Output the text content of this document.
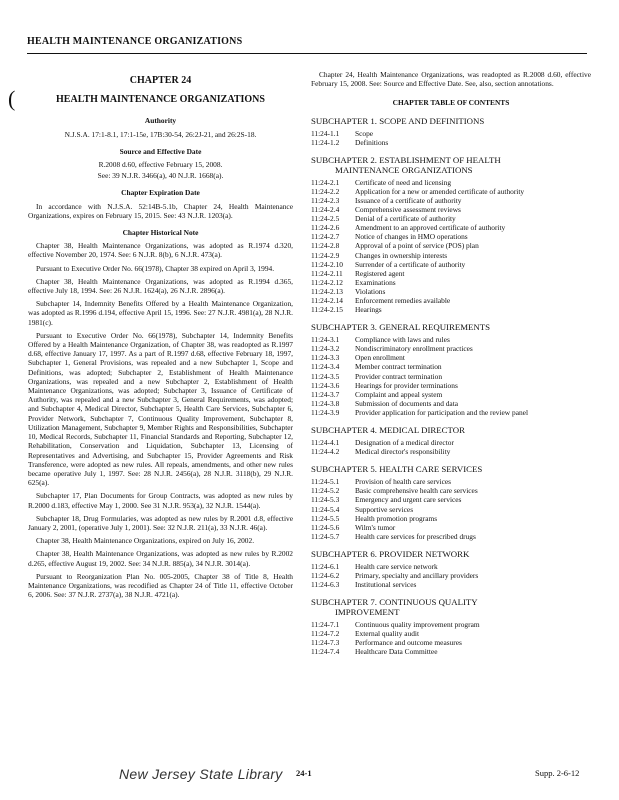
HEALTH MAINTENANCE ORGANIZATIONS
(
CHAPTER 24
HEALTH MAINTENANCE ORGANIZATIONS
Authority

N.J.S.A. 17:1-8.1, 17:1-15e, 17B:30-54, 26:2J-21, and 26:2S-18.

Source and Effective Date

R.2008 d.60, effective February 15, 2008.

See: 39 N.J.R. 3466(a), 40 N.J.R. 1668(a).

Chapter Expiration Date

In accordance with N.J.S.A. 52:14B-5.1b, Chapter 24, Health Maintenance Organizations, expires on February 15, 2015. See: 43 N.J.R. 1203(a).

Chapter Historical Note

Chapter 38, Health Maintenance Organizations, was adopted as R.1974 d.320, effective November 20, 1974. See: 6 N.J.R. 8(b), 6 N.J.R. 473(a).

Pursuant to Executive Order No. 66(1978), Chapter 38 expired on April 3, 1994.

Chapter 38, Health Maintenance Organizations, was adopted as R.1994 d.365, effective July 18, 1994. See: 26 N.J.R. 1624(a), 26 N.J.R. 2896(a).

Subchapter 14, Indemnity Benefits Offered by a Health Maintenance Organization, was adopted as R.1996 d.194, effective April 15, 1996. See: 27 N.J.R. 4981(a), 28 N.J.R. 1981(c).

Pursuant to Executive Order No. 66(1978), Subchapter 14, Indemnity Benefits Offered by a Health Maintenance Organization, of Chapter 38, was readopted as R.1997 d.68, effective January 17, 1997. As a part of R.1997 d.68, effective February 18, 1997, Subchapter 1, General Provisions, was repealed and a new Subchapter 1, Scope and Definitions, was adopted; Subchapter 2, Establishment of Health Maintenance Organizations, was repealed and a new Subchapter 2, Establishment of Health Maintenance Organizations, was adopted; Subchapter 3, Issuance of Certificate of Authority, was repealed and a new Subchapter 3, General Requirements, was adopted; and Subchapter 4, Medical Director, Subchapter 5, Health Care Services, Subchapter 6, Provider Network, Subchapter 7, Continuous Quality Improvement, Subchapter 8, Utilization Management, Subchapter 9, Member Rights and Responsibilities, Subchapter 10, Medical Records, Subchapter 11, Financial Standards and Reporting, Subchapter 12, Rehabilitation, Conservation and Liquidation, Subchapter 13, Licensing of Representatives and Advertising, and Subchapter 15, Provider Agreements and Risk Transference, were adopted as new rules. All repeals, amendments, and other new rules became operative July 1, 1997. See: 28 N.J.R. 2456(a), 28 N.J.R. 3118(b), 29 N.J.R. 625(a).

Subchapter 17, Plan Documents for Group Contracts, was adopted as new rules by R.2000 d.183, effective May 1, 2000. See 31 N.J.R. 953(a), 32 N.J.R. 1544(a).

Subchapter 18, Drug Formularies, was adopted as new rules by R.2001 d.8, effective January 2, 2001, (operative July 1, 2001). See: 32 N.J.R. 211(a), 33 N.J.R. 46(a).

Chapter 38, Health Maintenance Organizations, expired on July 16, 2002.

Chapter 38, Health Maintenance Organizations, was adopted as new rules by R.2002 d.265, effective August 19, 2002. See: 34 N.J.R. 885(a), 34 N.J.R. 3014(a).

Pursuant to Reorganization Plan No. 005-2005, Chapter 38 of Title 8, Health Maintenance Organizations, was recodified as Chapter 24 of Title 11, effective October 6, 2006. See: 37 N.J.R. 2737(a), 38 N.J.R. 4721(a).

Chapter 24, Health Maintenance Organizations, was readopted as R.2008 d.60, effective February 15, 2008. See: Source and Effective Date. See, also, section annotations.

CHAPTER TABLE OF CONTENTS
SUBCHAPTER 1. SCOPE AND DEFINITIONS
11:24-1.1	Scope
11:24-1.2	Definitions
SUBCHAPTER 2. ESTABLISHMENT OF HEALTH
MAINTENANCE ORGANIZATIONS
11:24-2.1	Certificate of need and licensing
11:24-2.2	Application for a new or amended certificate of authority
11:24-2.3	Issuance of a certificate of authority
11:24-2.4	Comprehensive assessment reviews
11:24-2.5	Denial of a certificate of authority
11:24-2.6	Amendment to an approved certificate of authority
11:24-2.7	Notice of changes in HMO operations
11:24-2.8	Approval of a point of service (POS) plan
11:24-2.9	Changes in ownership interests
11:24-2.10	Surrender of a certificate of authority
11:24-2.11	Registered agent
11:24-2.12	Examinations
11:24-2.13	Violations
11:24-2.14	Enforcement remedies available
11:24-2.15	Hearings
SUBCHAPTER 3. GENERAL REQUIREMENTS
11:24-3.1	Compliance with laws and rules
11:24-3.2	Nondiscriminatory enrollment practices
11:24-3.3	Open enrollment
11:24-3.4	Member contract termination
11:24-3.5	Provider contract termination
11:24-3.6	Hearings for provider terminations
11:24-3.7	Complaint and appeal system
11:24-3.8	Submission of documents and data
11:24-3.9	Provider application for participation and the review panel
SUBCHAPTER 4. MEDICAL DIRECTOR
11:24-4.1	Designation of a medical director
11:24-4.2	Medical director's responsibility
SUBCHAPTER 5. HEALTH CARE SERVICES
11:24-5.1	Provision of health care services
11:24-5.2	Basic comprehensive health care services
11:24-5.3	Emergency and urgent care services
11:24-5.4	Supportive services
11:24-5.5	Health promotion programs
11:24-5.6	Wilm's tumor
11:24-5.7	Health care services for prescribed drugs
SUBCHAPTER 6. PROVIDER NETWORK
11:24-6.1	Health care service network
11:24-6.2	Primary, specialty and ancillary providers
11:24-6.3	Institutional services
SUBCHAPTER 7. CONTINUOUS QUALITY
IMPROVEMENT
11:24-7.1	Continuous quality improvement program
11:24-7.2	External quality audit
11:24-7.3	Performance and outcome measures
11:24-7.4	Healthcare Data Committee
New Jersey State Library 24-1	Supp. 2-6-12
